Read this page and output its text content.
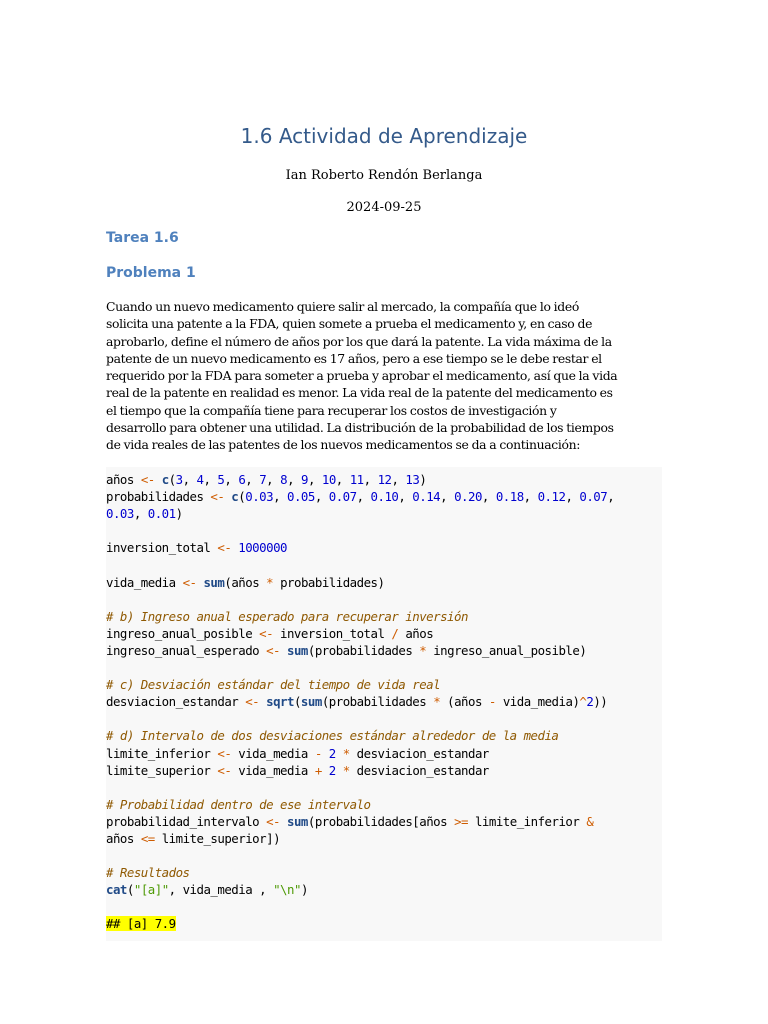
1.6 Actividad de Aprendizaje
Ian Roberto Rendón Berlanga
2024-09-25
Tarea 1.6
Problema 1
Cuando un nuevo medicamento quiere salir al mercado, la compañía que lo ideó
solicita una patente a la FDA, quien somete a prueba el medicamento y, en caso de
aprobarlo, define el número de años por los que dará la patente. La vida máxima de la
patente de un nuevo medicamento es 17 años, pero a ese tiempo se le debe restar el
requerido por la FDA para someter a prueba y aprobar el medicamento, así que la vida
real de la patente en realidad es menor. La vida real de la patente del medicamento es
el tiempo que la compañía tiene para recuperar los costos de investigación y
desarrollo para obtener una utilidad. La distribución de la probabilidad de los tiempos
de vida reales de las patentes de los nuevos medicamentos se da a continuación:
años <- c(3, 4, 5, 6, 7, 8, 9, 10, 11, 12, 13)
probabilidades <- c(0.03, 0.05, 0.07, 0.10, 0.14, 0.20, 0.18, 0.12, 0.07,
0.03, 0.01)

inversion_total <- 1000000

vida_media <- sum(años * probabilidades)

# b) Ingreso anual esperado para recuperar inversión
ingreso_anual_posible <- inversion_total / años
ingreso_anual_esperado <- sum(probabilidades * ingreso_anual_posible)

# c) Desviación estándar del tiempo de vida real
desviacion_estandar <- sqrt(sum(probabilidades * (años - vida_media)^2))

# d) Intervalo de dos desviaciones estándar alrededor de la media
limite_inferior <- vida_media - 2 * desviacion_estandar
limite_superior <- vida_media + 2 * desviacion_estandar

# Probabilidad dentro de ese intervalo
probabilidad_intervalo <- sum(probabilidades[años >= limite_inferior &
años <= limite_superior])

# Resultados
cat("[a]", vida_media , "\n")

## [a] 7.9
